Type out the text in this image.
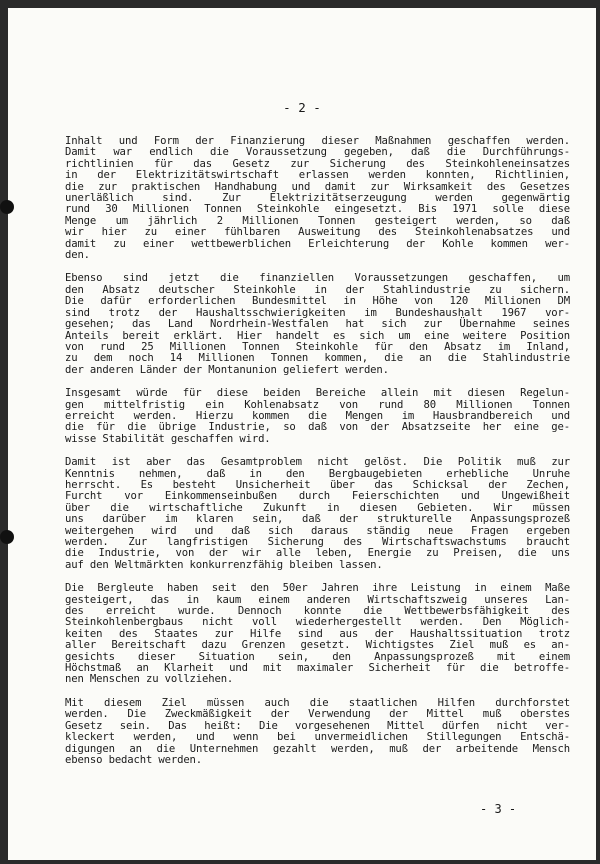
- 2 -
Inhalt und Form der Finanzierung dieser Maßnahmen geschaffen werden.
Damit war endlich die Voraussetzung gegeben, daß die Durchführungs-
richtlinien für das Gesetz zur Sicherung des Steinkohleneinsatzes
in der Elektrizitätswirtschaft erlassen werden konnten, Richtlinien,
die zur praktischen Handhabung und damit zur Wirksamkeit des Gesetzes
unerläßlich sind. Zur Elektrizitätserzeugung werden gegenwärtig
rund 30 Millionen Tonnen Steinkohle eingesetzt. Bis 1971 solle diese
Menge um jährlich 2 Millionen Tonnen gesteigert werden, so daß
wir hier zu einer fühlbaren Ausweitung des Steinkohlenabsatzes und
damit zu einer wettbewerblichen Erleichterung der Kohle kommen wer-
den.
Ebenso sind jetzt die finanziellen Voraussetzungen geschaffen, um
den Absatz deutscher Steinkohle in der Stahlindustrie zu sichern.
Die dafür erforderlichen Bundesmittel in Höhe von 120 Millionen DM
sind trotz der Haushaltsschwierigkeiten im Bundeshaushalt 1967 vor-
gesehen; das Land Nordrhein-Westfalen hat sich zur Übernahme seines
Anteils bereit erklärt. Hier handelt es sich um eine weitere Position
von rund 25 Millionen Tonnen Steinkohle für den Absatz im Inland,
zu dem noch 14 Millionen Tonnen kommen, die an die Stahlindustrie
der anderen Länder der Montanunion geliefert werden.
Insgesamt würde für diese beiden Bereiche allein mit diesen Regelun-
gen mittelfristig ein Kohlenabsatz von rund 80 Millionen Tonnen
erreicht werden. Hierzu kommen die Mengen im Hausbrandbereich und
die für die übrige Industrie, so daß von der Absatzseite her eine ge-
wisse Stabilität geschaffen wird.
Damit ist aber das Gesamtproblem nicht gelöst. Die Politik muß zur
Kenntnis nehmen, daß in den Bergbaugebieten erhebliche Unruhe
herrscht. Es besteht Unsicherheit über das Schicksal der Zechen,
Furcht vor Einkommenseinbußen durch Feierschichten und Ungewißheit
über die wirtschaftliche Zukunft in diesen Gebieten. Wir müssen
uns darüber im klaren sein, daß der strukturelle Anpassungsprozeß
weitergehen wird und daß sich daraus ständig neue Fragen ergeben
werden. Zur langfristigen Sicherung des Wirtschaftswachstums braucht
die Industrie, von der wir alle leben, Energie zu Preisen, die uns
auf den Weltmärkten konkurrenzfähig bleiben lassen.
Die Bergleute haben seit den 50er Jahren ihre Leistung in einem Maße
gesteigert, das in kaum einem anderen Wirtschaftszweig unseres Lan-
des erreicht wurde. Dennoch konnte die Wettbewerbsfähigkeit des
Steinkohlenbergbaus nicht voll wiederhergestellt werden. Den Möglich-
keiten des Staates zur Hilfe sind aus der Haushaltssituation trotz
aller Bereitschaft dazu Grenzen gesetzt. Wichtigstes Ziel muß es an-
gesichts dieser Situation sein, den Anpassungsprozeß mit einem
Höchstmaß an Klarheit und mit maximaler Sicherheit für die betroffe-
nen Menschen zu vollziehen.
Mit diesem Ziel müssen auch die staatlichen Hilfen durchforstet
werden. Die Zweckmäßigkeit der Verwendung der Mittel muß oberstes
Gesetz sein. Das heißt: Die vorgesehenen Mittel dürfen nicht ver-
kleckert werden, und wenn bei unvermeidlichen Stillegungen Entschä-
digungen an die Unternehmen gezahlt werden, muß der arbeitende Mensch
ebenso bedacht werden.
- 3 -
